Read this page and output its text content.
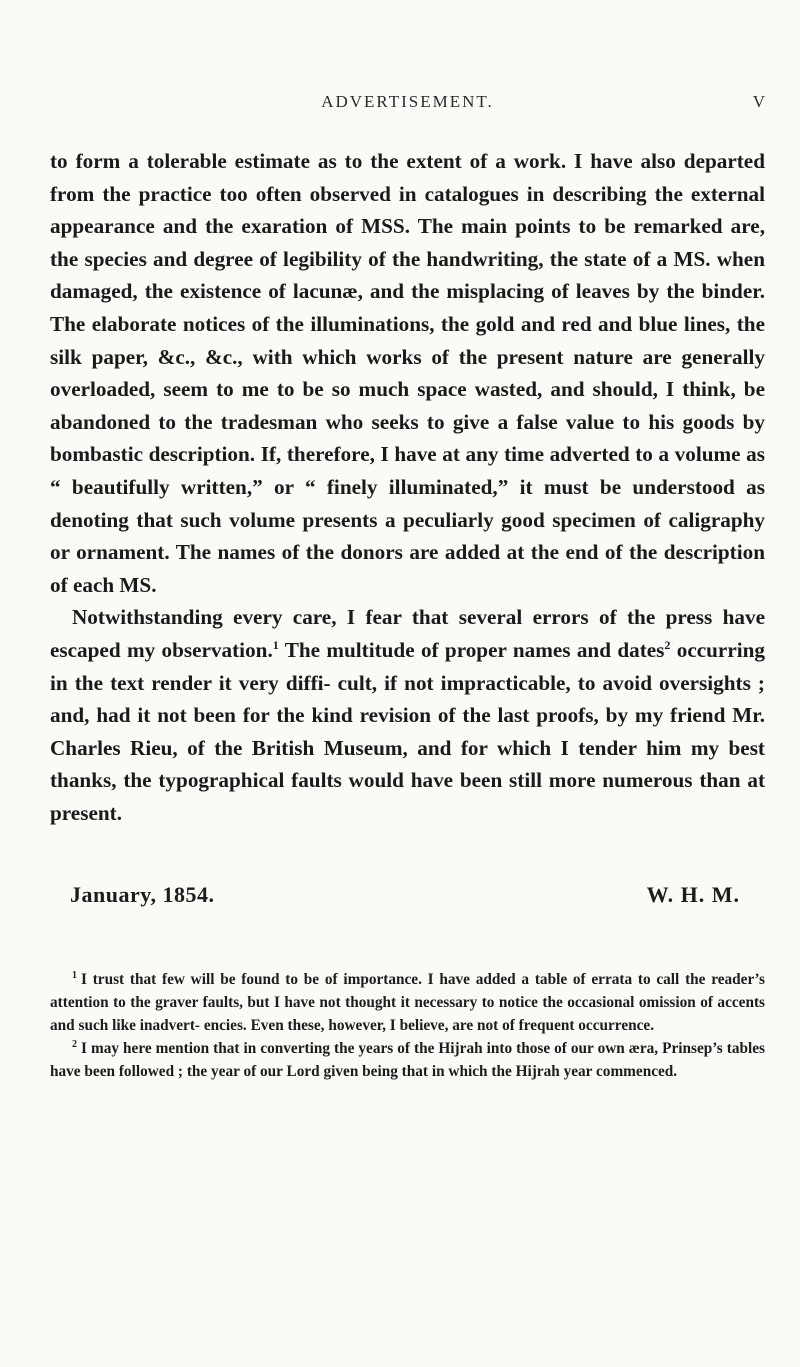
ADVERTISEMENT.	V

to form a tolerable estimate as to the extent of a work. I have also departed from the practice too often observed in catalogues in describing the external appearance and the exaration of MSS. The main points to be remarked are, the species and degree of legibility of the handwriting, the state of a MS. when damaged, the existence of lacunæ, and the misplacing of leaves by the binder. The elaborate notices of the illuminations, the gold and red and blue lines, the silk paper, &c., &c., with which works of the present nature are generally overloaded, seem to me to be so much space wasted, and should, I think, be abandoned to the tradesman who seeks to give a false value to his goods by bombastic description. If, therefore, I have at any time adverted to a volume as “ beautifully written,” or “ finely illuminated,” it must be understood as denoting that such volume presents a peculiarly good specimen of caligraphy or ornament. The names of the donors are added at the end of the description of each MS.

Notwithstanding every care, I fear that several errors of the press have escaped my observation.$^1$ The multitude of proper names and dates$^2$ occurring in the text render it very diffi- cult, if not impracticable, to avoid oversights ; and, had it not been for the kind revision of the last proofs, by my friend Mr. Charles Rieu, of the British Museum, and for which I tender him my best thanks, the typographical faults would have been still more numerous than at present.

January, 1854.	W. H. M.

$^1$ I trust that few will be found to be of importance. I have added a table of errata to call the reader’s attention to the graver faults, but I have not thought it necessary to notice the occasional omission of accents and such like inadvert- encies. Even these, however, I believe, are not of frequent occurrence.

$^2$ I may here mention that in converting the years of the Hijrah into those of our own æra, Prinsep’s tables have been followed ; the year of our Lord given being that in which the Hijrah year commenced.
